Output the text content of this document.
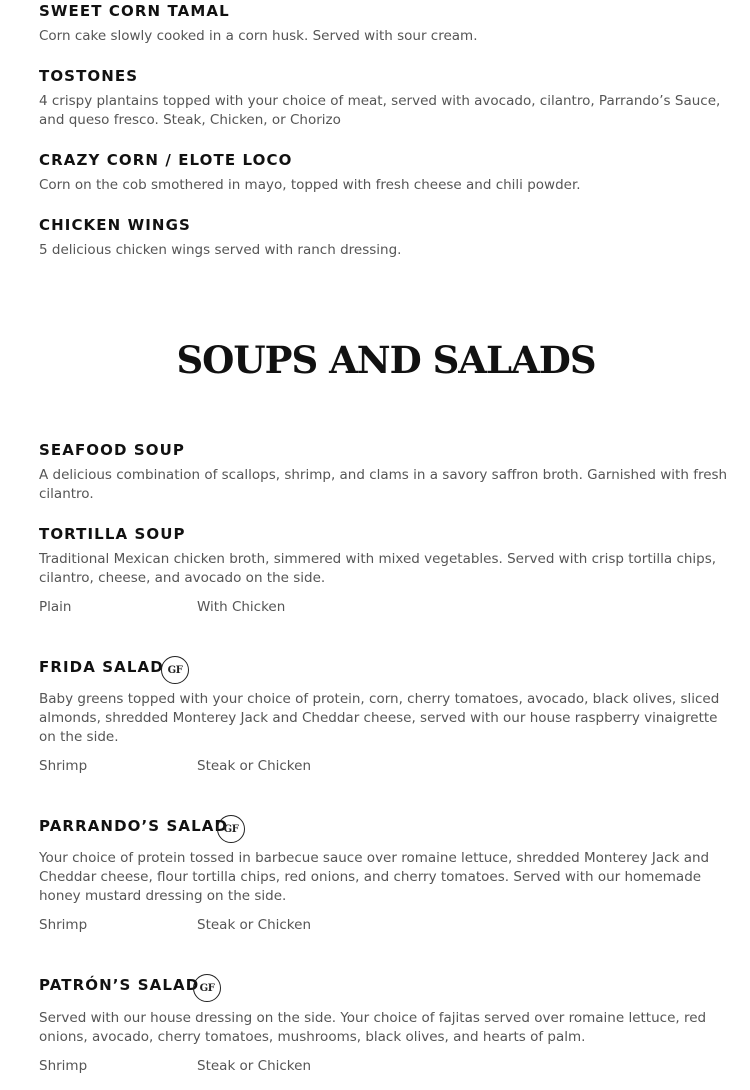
SWEET CORN TAMAL

Corn cake slowly cooked in a corn husk. Served with sour cream.

TOSTONES

4 crispy plantains topped with your choice of meat, served with avocado, cilantro, Parrando’s Sauce, and queso fresco. Steak, Chicken, or Chorizo

CRAZY CORN / ELOTE LOCO

Corn on the cob smothered in mayo, topped with fresh cheese and chili powder.

CHICKEN WINGS

5 delicious chicken wings served with ranch dressing.

SOUPS AND SALADS
SEAFOOD SOUP

A delicious combination of scallops, shrimp, and clams in a savory saffron broth. Garnished with fresh cilantro.

TORTILLA SOUP

Traditional Mexican chicken broth, simmered with mixed vegetables. Served with crisp tortilla chips, cilantro, cheese, and avocado on the side.

Plain	With Chicken
FRIDA SALAD GF

Baby greens topped with your choice of protein, corn, cherry tomatoes, avocado, black olives, sliced almonds, shredded Monterey Jack and Cheddar cheese, served with our house raspberry vinaigrette on the side.

Shrimp	Steak or Chicken
PARRANDO’S SALAD
GF

Your choice of protein tossed in barbecue sauce over romaine lettuce, shredded Monterey Jack and Cheddar cheese, flour tortilla chips, red onions, and cherry tomatoes. Served with our homemade honey mustard dressing on the side.

Shrimp	Steak or Chicken
PATRÓN’S SALAD GF

Served with our house dressing on the side. Your choice of fajitas served over romaine lettuce, red onions, avocado, cherry tomatoes, mushrooms, black olives, and hearts of palm.

Shrimp	Steak or Chicken
